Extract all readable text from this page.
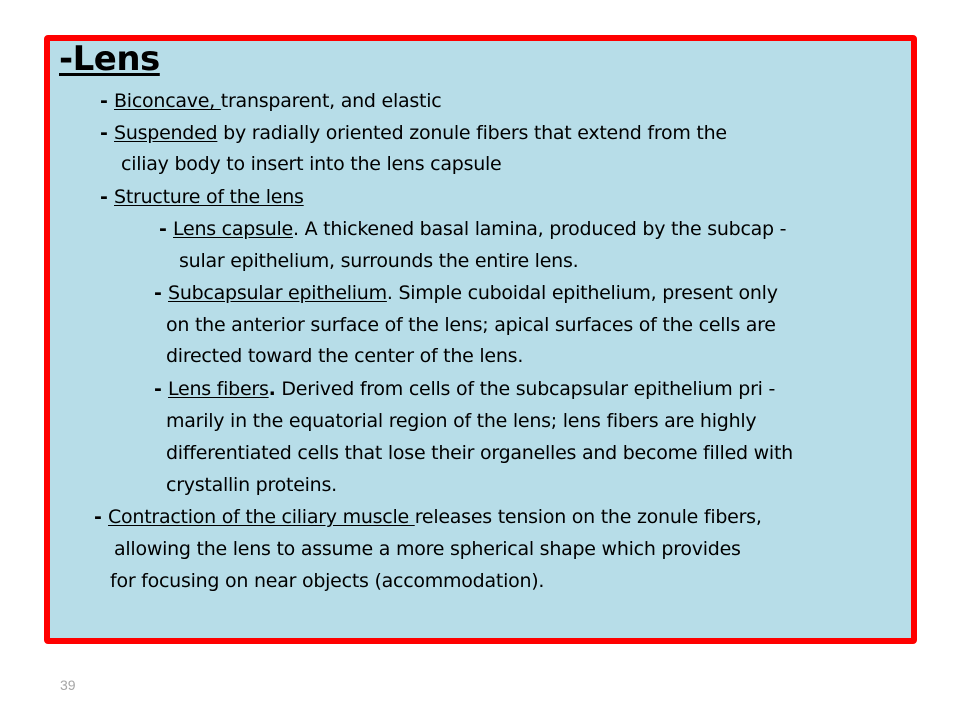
-Lens
- Biconcave, transparent, and elastic
- Suspended by radially oriented zonule fibers that extend from the
ciliay body to insert into the lens capsule
- Structure of the lens
- Lens capsule. A thickened basal lamina, produced by the subcap -
sular epithelium, surrounds the entire lens.
- Subcapsular epithelium. Simple cuboidal epithelium, present only
on the anterior surface of the lens; apical surfaces of the cells are
directed toward the center of the lens.
- Lens fibers. Derived from cells of the subcapsular epithelium pri -
marily in the equatorial region of the lens; lens fibers are highly
differentiated cells that lose their organelles and become filled with
crystallin proteins.
- Contraction of the ciliary muscle releases tension on the zonule fibers,
allowing the lens to assume a more spherical shape which provides
for focusing on near objects (accommodation).
39
